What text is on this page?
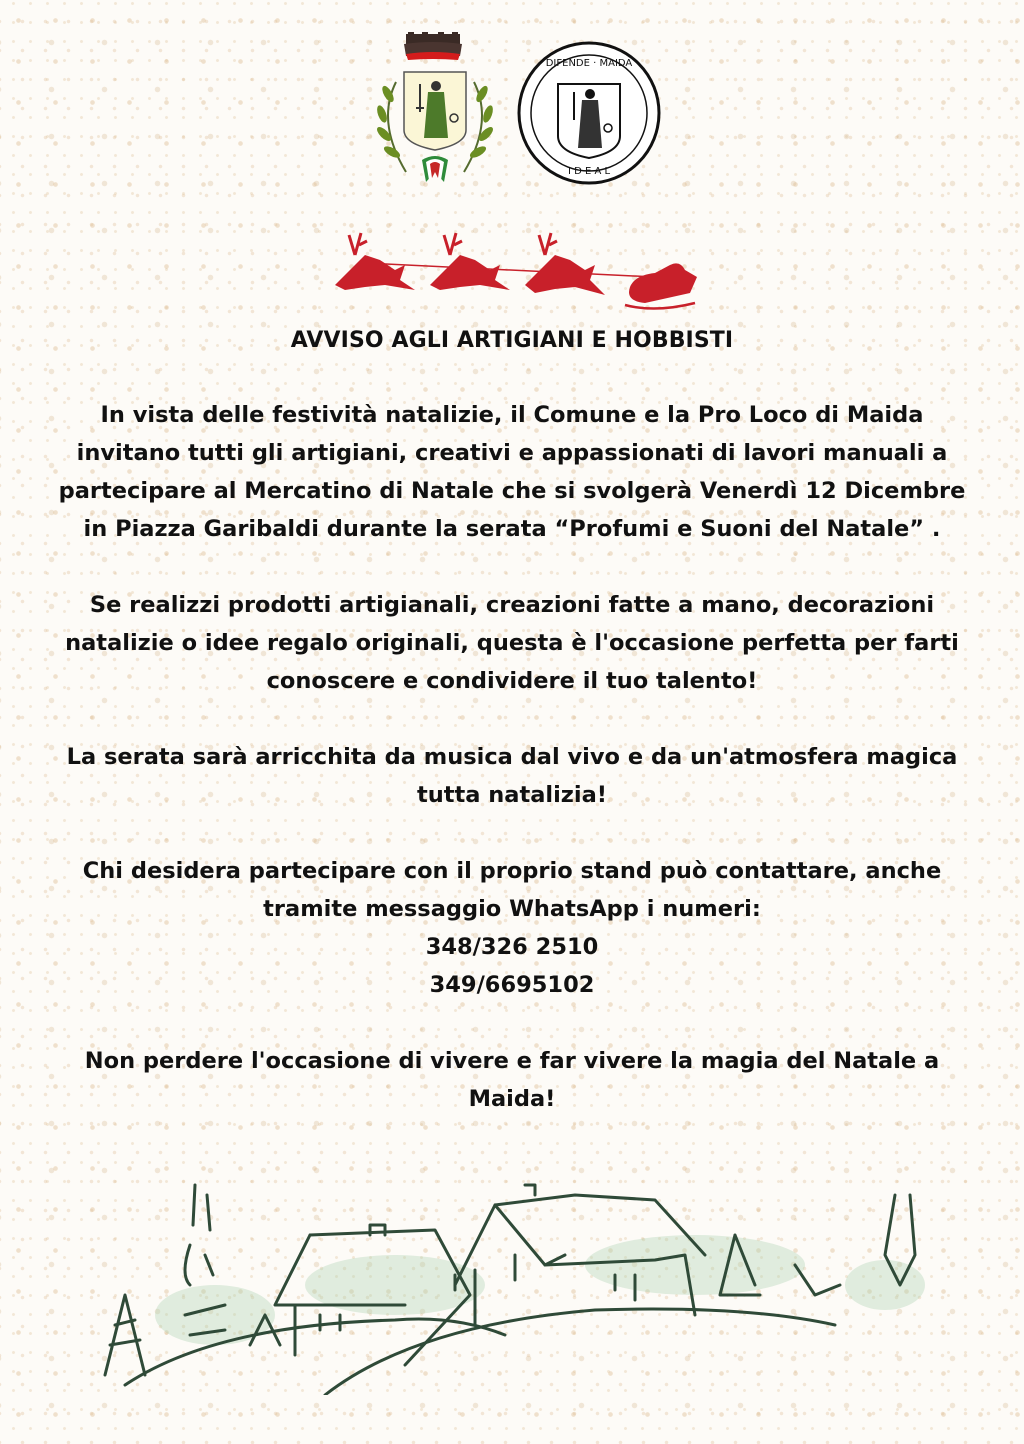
DIFENDE · MAIDA
I D E A L
AVVISO AGLI ARTIGIANI E HOBBISTI

In vista delle festività natalizie, il Comune e la Pro Loco di Maida
invitano tutti gli artigiani, creativi e appassionati di lavori manuali a
partecipare al Mercatino di Natale che si svolgerà Venerdì 12 Dicembre
in Piazza Garibaldi durante la serata “Profumi e Suoni del Natale” .

Se realizzi prodotti artigianali, creazioni fatte a mano, decorazioni
natalizie o idee regalo originali, questa è l'occasione perfetta per farti
conoscere e condividere il tuo talento!

La serata sarà arricchita da musica dal vivo e da un'atmosfera magica
tutta natalizia!

Chi desidera partecipare con il proprio stand può contattare, anche
tramite messaggio WhatsApp i numeri:
348/326 2510
349/6695102

Non perdere l'occasione di vivere e far vivere la magia del Natale a
Maida!
